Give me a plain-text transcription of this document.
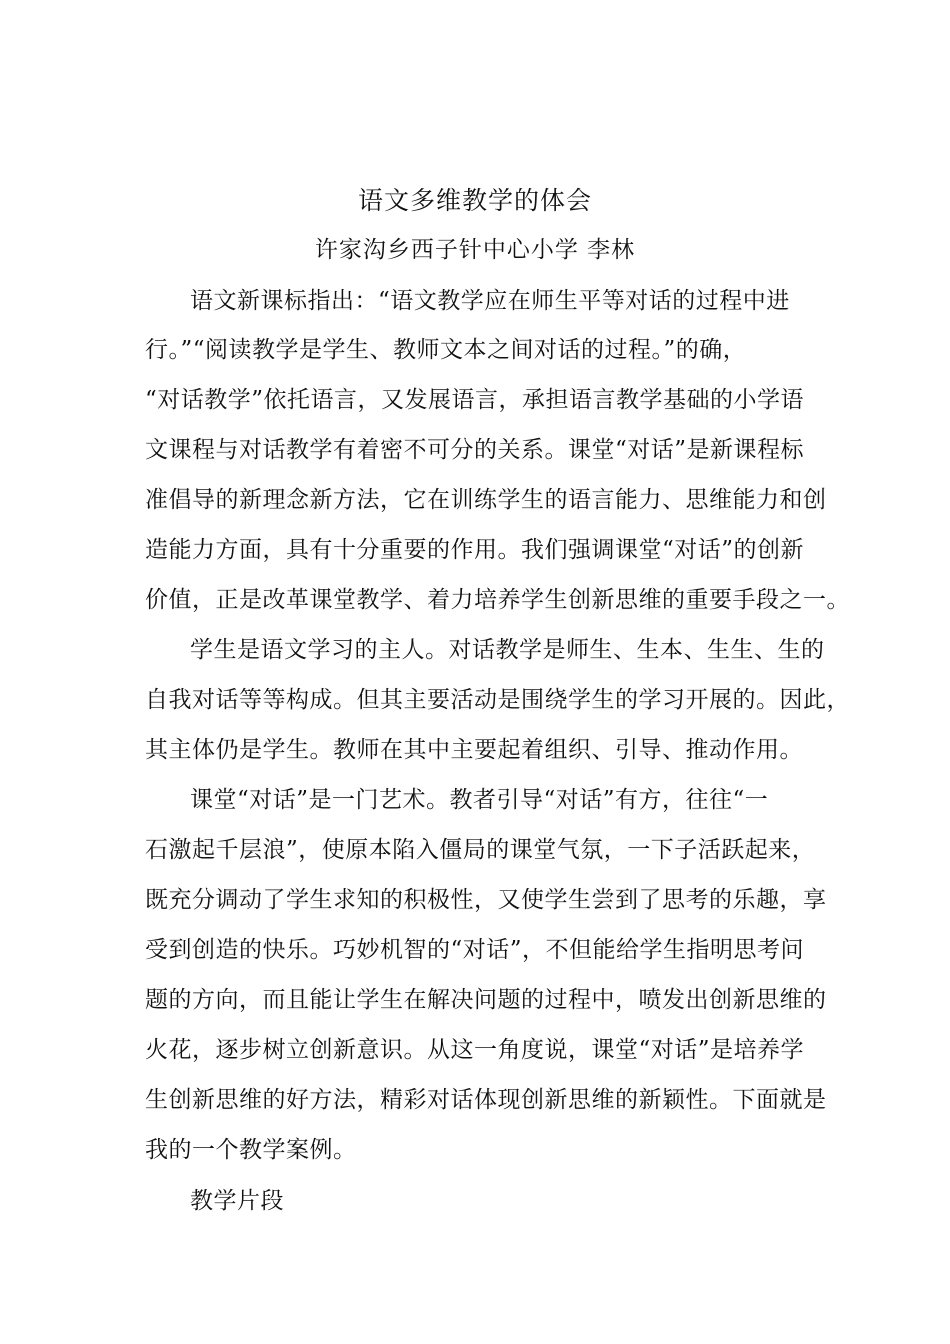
语文多维教学的体会
许家沟乡西子针中心小学 李林
语文新课标指出：“语文教学应在师生平等对话的过程中进
行。”“阅读教学是学生、教师文本之间对话的过程。”的确，
“对话教学”依托语言，又发展语言，承担语言教学基础的小学语
文课程与对话教学有着密不可分的关系。课堂“对话”是新课程标
准倡导的新理念新方法，它在训练学生的语言能力、思维能力和创
造能力方面，具有十分重要的作用。我们强调课堂“对话”的创新
价值，正是改革课堂教学、着力培养学生创新思维的重要手段之一。
学生是语文学习的主人。对话教学是师生、生本、生生、生的
自我对话等等构成。但其主要活动是围绕学生的学习开展的。因此，
其主体仍是学生。教师在其中主要起着组织、引导、推动作用。
课堂“对话”是一门艺术。教者引导“对话”有方，往往“一
石激起千层浪”，使原本陷入僵局的课堂气氛，一下子活跃起来，
既充分调动了学生求知的积极性，又使学生尝到了思考的乐趣，享
受到创造的快乐。巧妙机智的“对话”，不但能给学生指明思考问
题的方向，而且能让学生在解决问题的过程中，喷发出创新思维的
火花，逐步树立创新意识。从这一角度说，课堂“对话”是培养学
生创新思维的好方法，精彩对话体现创新思维的新颖性。下面就是
我的一个教学案例。
教学片段
